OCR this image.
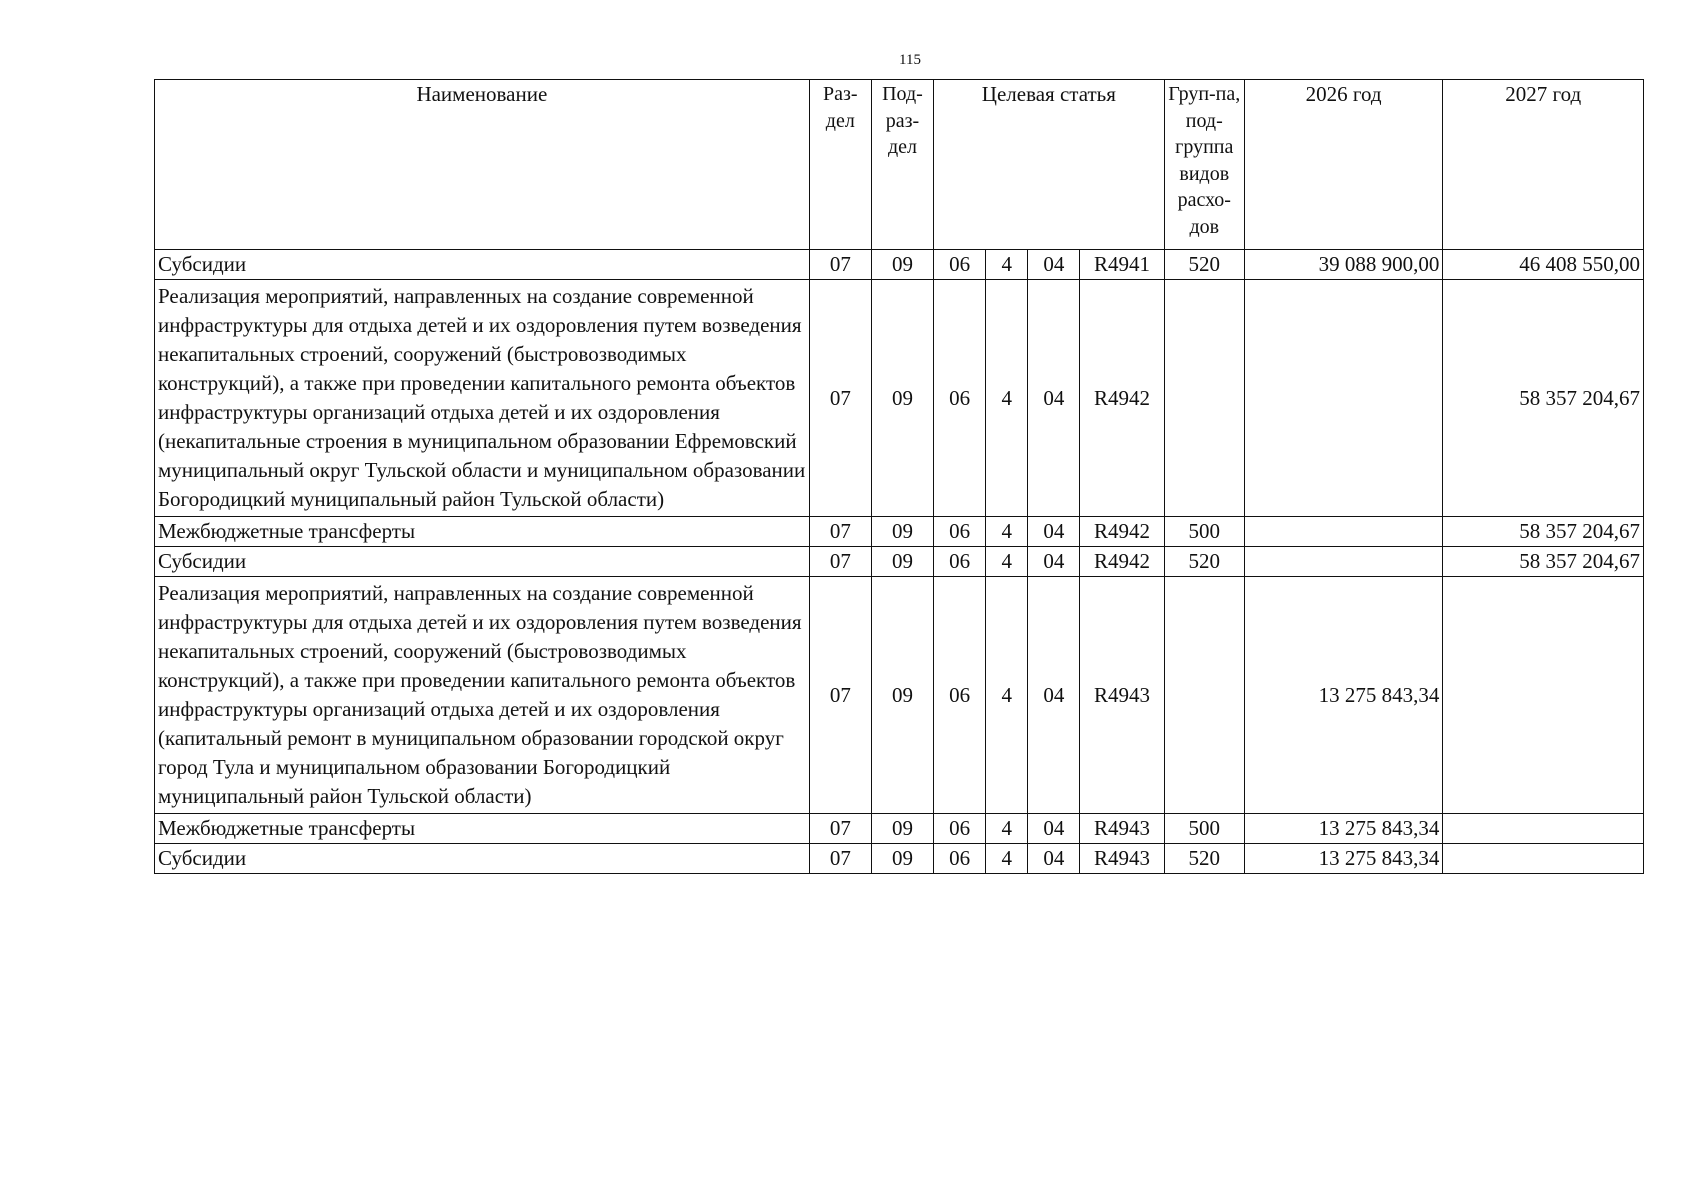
115
Наименование	Раз-дел	Под-раз-дел	Целевая статья				Груп-па, под-группа видов расхо-дов	2026 год	2027 год
Субсидии	07	09	06	4	04	R4941	520	39 088 900,00	46 408 550,00
Реализация мероприятий, направленных на создание современной инфраструктуры для отдыха детей и их оздоровления путем возведения некапитальных строений, сооружений (быстровозводимых конструкций), а также при проведении капитального ремонта объектов инфраструктуры организаций отдыха детей и их оздоровления (некапитальные строения в муниципальном образовании Ефремовский муниципальный округ Тульской области и муниципальном образовании Богородицкий муниципальный район Тульской области)	07	09	06	4	04	R4942			58 357 204,67
Межбюджетные трансферты	07	09	06	4	04	R4942	500		58 357 204,67
Субсидии	07	09	06	4	04	R4942	520		58 357 204,67
Реализация мероприятий, направленных на создание современной инфраструктуры для отдыха детей и их оздоровления путем возведения некапитальных строений, сооружений (быстровозводимых конструкций), а также при проведении капитального ремонта объектов инфраструктуры организаций отдыха детей и их оздоровления (капитальный ремонт в муниципальном образовании городской округ город Тула и муниципальном образовании Богородицкий муниципальный район Тульской области)	07	09	06	4	04	R4943		13 275 843,34	
Межбюджетные трансферты	07	09	06	4	04	R4943	500	13 275 843,34	
Субсидии	07	09	06	4	04	R4943	520	13 275 843,34	
